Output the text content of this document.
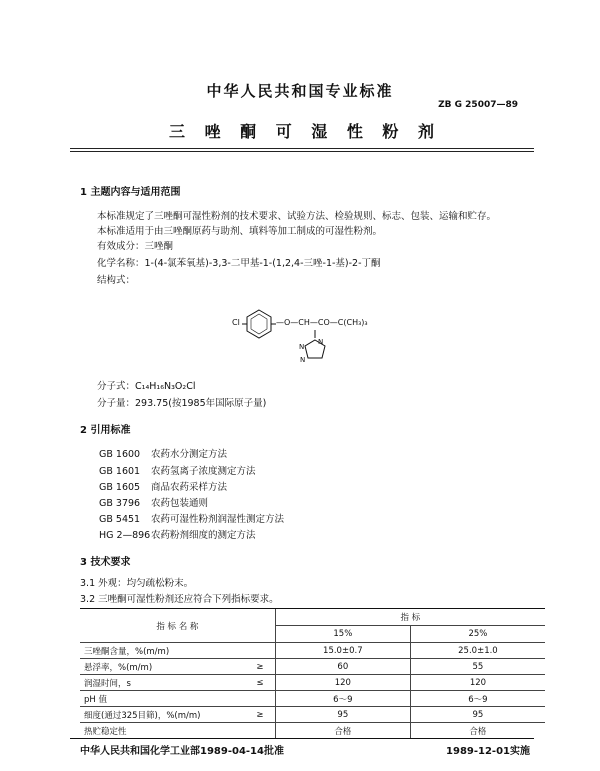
中华人民共和国专业标准
ZB G 25007—89
三 唑 酮 可 湿 性 粉 剂
1 主题内容与适用范围
本标准规定了三唑酮可湿性粉剂的技术要求、试验方法、检验规则、标志、包装、运输和贮存。
本标准适用于由三唑酮原药与助剂、填料等加工制成的可湿性粉剂。
有效成分：三唑酮
化学名称：1-(4-氯苯氧基)-3,3-二甲基-1-(1,2,4-三唑-1-基)-2-丁酮
结构式：
Cl	—O—CH—CO—C(CH₃)₃
N
N
N
分子式：C₁₄H₁₆N₃O₂Cl
分子量：293.75(按1985年国际原子量)
2 引用标准
GB 1600 农药水分测定方法
GB 1601 农药氢离子浓度测定方法
GB 1605 商品农药采样方法
GB 3796 农药包装通则
GB 5451 农药可湿性粉剂润湿性测定方法
HG 2—896农药粉剂细度的测定方法
3 技术要求
3.1 外观：均匀疏松粉末。
3.2 三唑酮可湿性粉剂还应符合下列指标要求。
指 标 名 称		指 标	
		15%	25%
三唑酮含量，%(m/m)		15.0±0.7	25.0±1.0
悬浮率，%(m/m)	≥	60	55
润湿时间，s	≤	120	120
pH 值		6～9	6～9
细度(通过325目筛)，%(m/m)	≥	95	95
热贮稳定性		合格	合格
中华人民共和国化学工业部1989-04-14批准	1989-12-01实施
